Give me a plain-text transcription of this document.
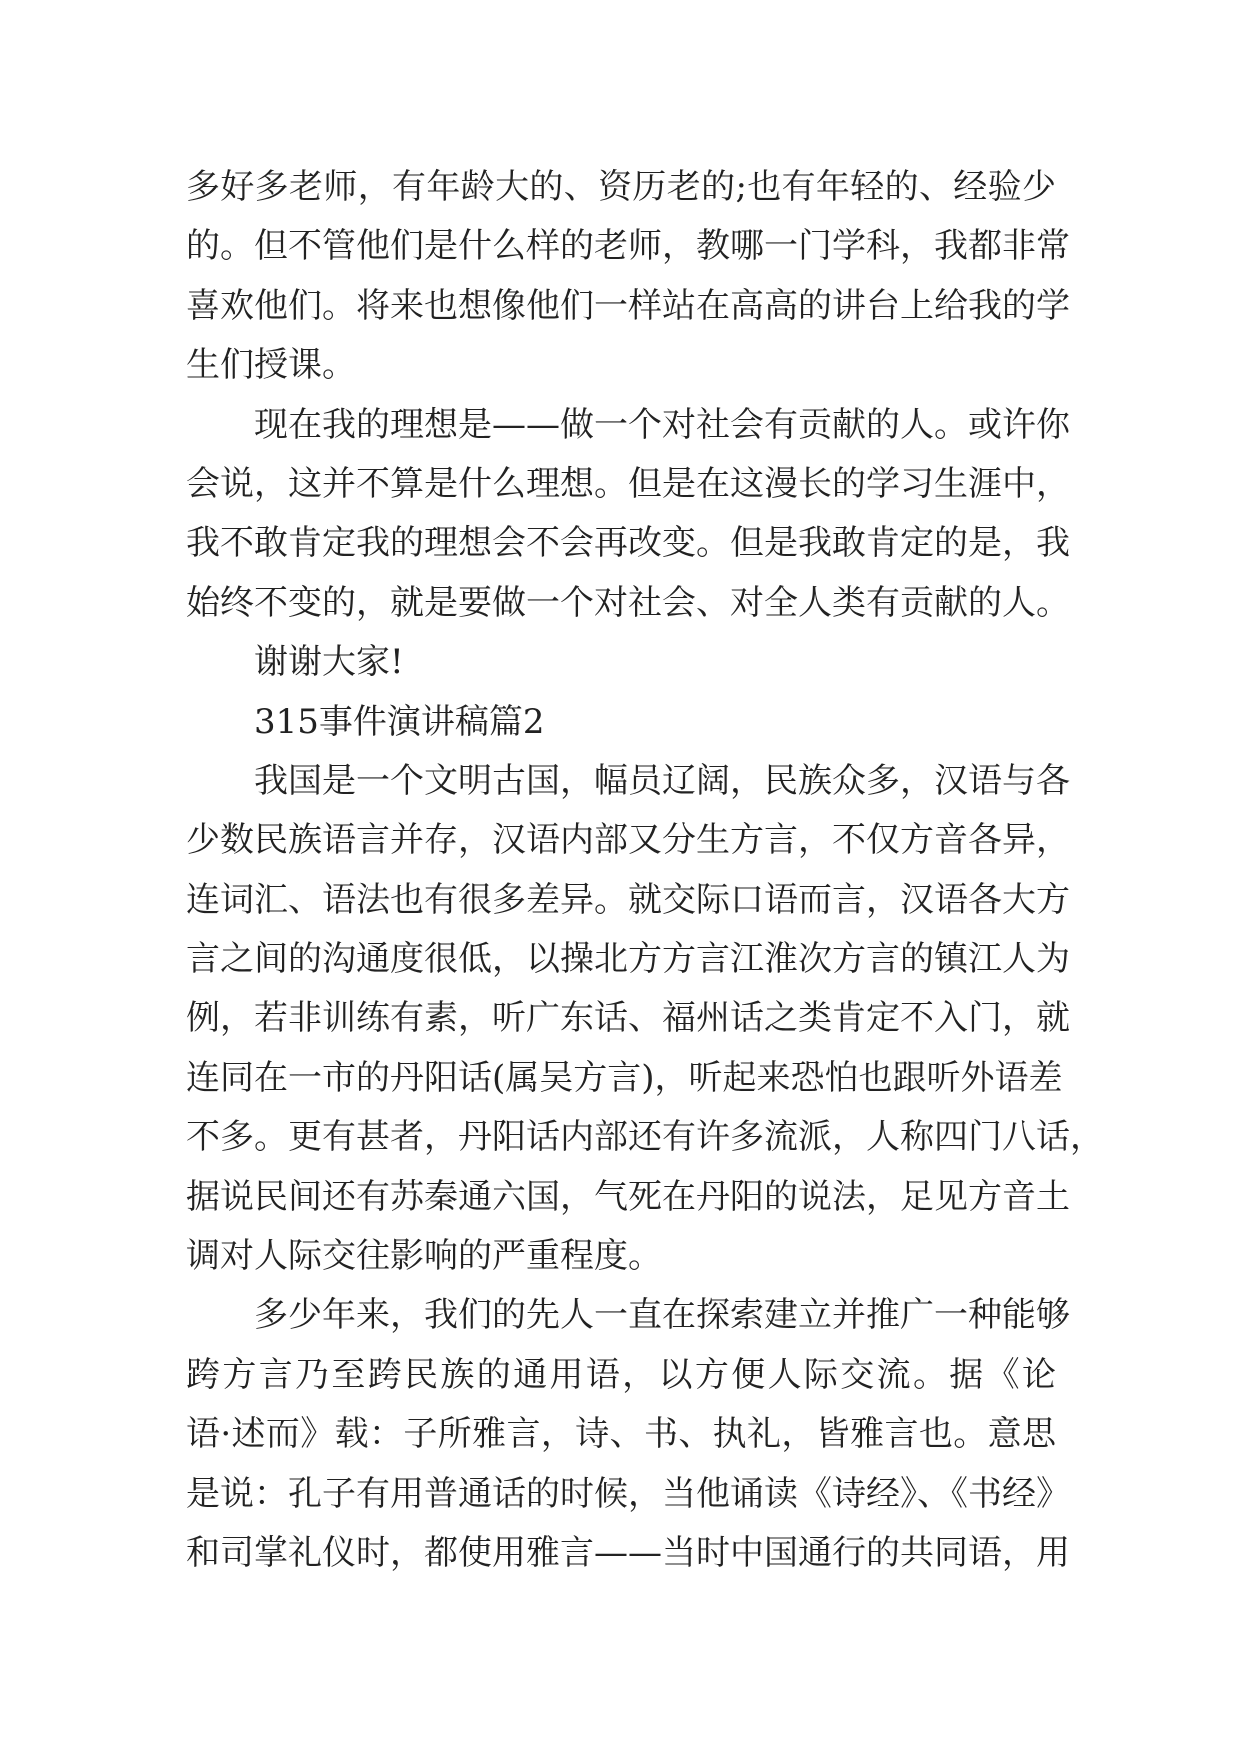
多好多老师，有年龄大的、资历老的;也有年轻的、经验少
的。但不管他们是什么样的老师，教哪一门学科，我都非常
喜欢他们。将来也想像他们一样站在高高的讲台上给我的学
生们授课。
现在我的理想是——做一个对社会有贡献的人。或许你
会说，这并不算是什么理想。但是在这漫长的学习生涯中，
我不敢肯定我的理想会不会再改变。但是我敢肯定的是，我
始终不变的，就是要做一个对社会、对全人类有贡献的人。
谢谢大家!
315事件演讲稿篇2
我国是一个文明古国，幅员辽阔，民族众多，汉语与各
少数民族语言并存，汉语内部又分生方言，不仅方音各异，
连词汇、语法也有很多差异。就交际口语而言，汉语各大方
言之间的沟通度很低，以操北方方言江淮次方言的镇江人为
例，若非训练有素，听广东话、福州话之类肯定不入门，就
连同在一市的丹阳话(属吴方言)，听起来恐怕也跟听外语差
不多。更有甚者，丹阳话内部还有许多流派，人称四门八话，
据说民间还有苏秦通六国，气死在丹阳的说法，足见方音土
调对人际交往影响的严重程度。
多少年来，我们的先人一直在探索建立并推广一种能够
跨方言乃至跨民族的通用语，以方便人际交流。据《论
语·述而》载：子所雅言，诗、书、执礼，皆雅言也。意思
是说：孔子有用普通话的时候，当他诵读《诗经》、《书经》
和司掌礼仪时，都使用雅言——当时中国通行的共同语，用
